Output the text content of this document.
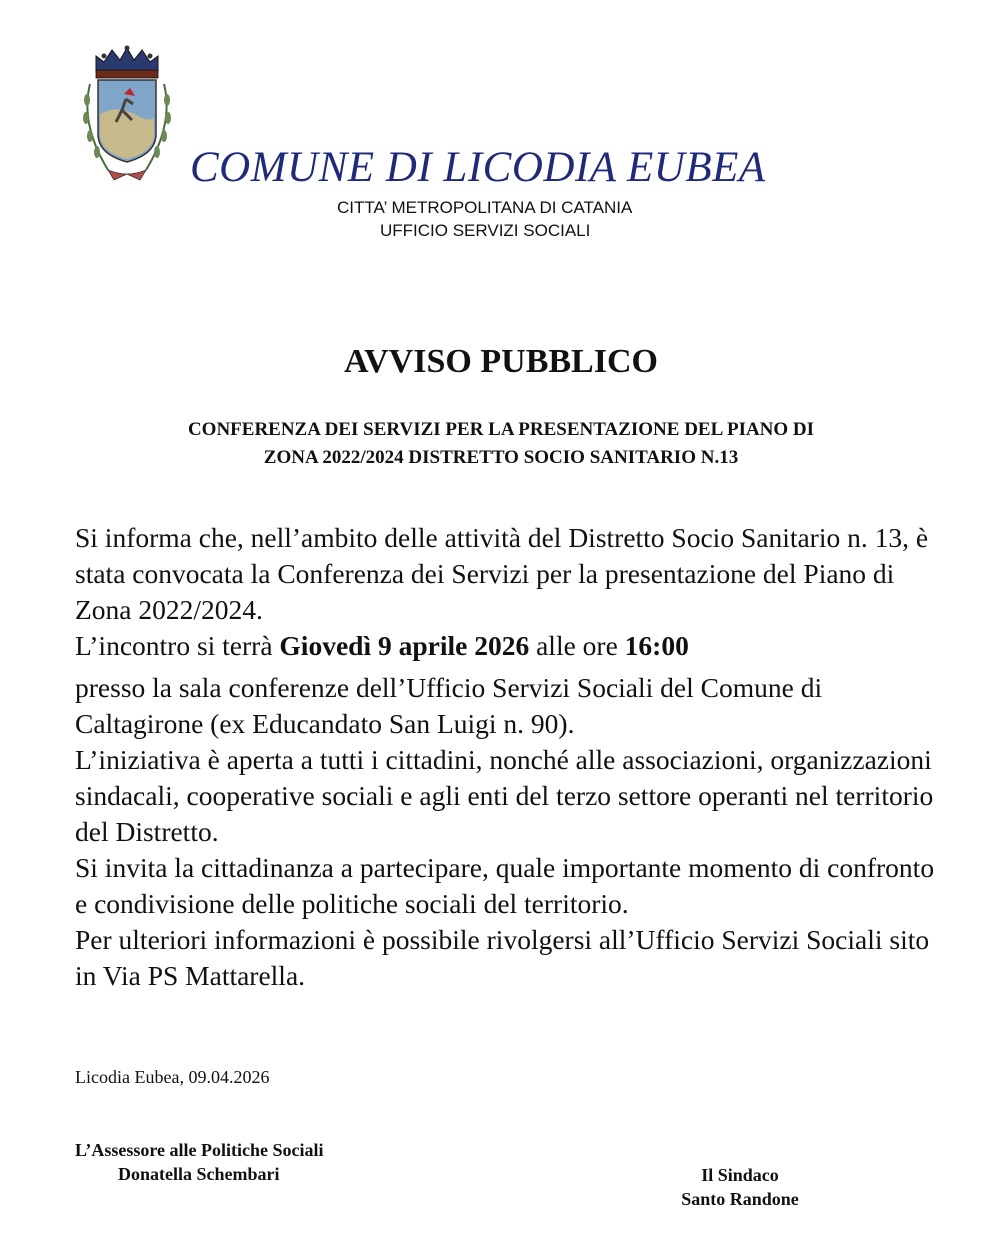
COMUNE DI LICODIA EUBEA
CITTA’ METROPOLITANA DI CATANIA
UFFICIO SERVIZI SOCIALI
AVVISO PUBBLICO
CONFERENZA DEI SERVIZI PER LA PRESENTAZIONE DEL PIANO DI
ZONA 2022/2024 DISTRETTO SOCIO SANITARIO N.13

Si informa che, nell’ambito delle attività del Distretto Socio Sanitario n. 13, è stata convocata la Conferenza dei Servizi per la presentazione del Piano di Zona 2022/2024.

L’incontro si terrà Giovedì 9 aprile 2026 alle ore 16:00

presso la sala conferenze dell’Ufficio Servizi Sociali del Comune di Caltagirone (ex Educandato San Luigi n. 90).

L’iniziativa è aperta a tutti i cittadini, nonché alle associazioni, organizzazioni sindacali, cooperative sociali e agli enti del terzo settore operanti nel territorio del Distretto.

Si invita la cittadinanza a partecipare, quale importante momento di confronto e condivisione delle politiche sociali del territorio.

Per ulteriori informazioni è possibile rivolgersi all’Ufficio Servizi Sociali sito in Via PS Mattarella.

Licodia Eubea, 09.04.2026
L’Assessore alle Politiche Sociali
Donatella Schembari	Il Sindaco
Santo Randone
